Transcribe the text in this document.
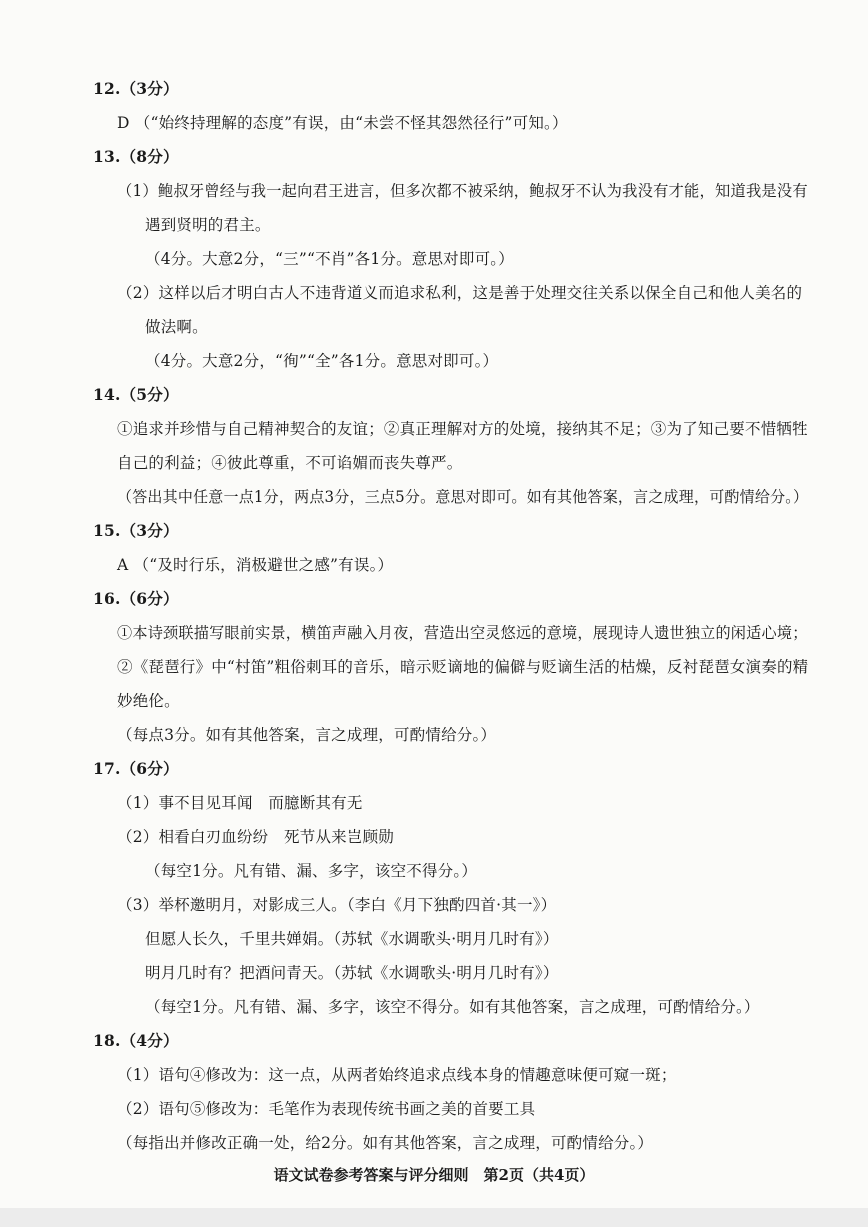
12.（3分）
D （“始终持理解的态度”有误，由“未尝不怪其怨然径行”可知。）
13.（8分）
（1）鲍叔牙曾经与我一起向君王进言，但多次都不被采纳，鲍叔牙不认为我没有才能，知道我是没有
遇到贤明的君主。
（4分。大意2分，“三”“不肖”各1分。意思对即可。）
（2）这样以后才明白古人不违背道义而追求私利，这是善于处理交往关系以保全自己和他人美名的
做法啊。
（4分。大意2分，“徇”“全”各1分。意思对即可。）
14.（5分）
①追求并珍惜与自己精神契合的友谊；②真正理解对方的处境，接纳其不足；③为了知己要不惜牺牲
自己的利益；④彼此尊重，不可谄媚而丧失尊严。
（答出其中任意一点1分，两点3分，三点5分。意思对即可。如有其他答案，言之成理，可酌情给分。）
15.（3分）
A （“及时行乐，消极避世之感”有误。）
16.（6分）
①本诗颈联描写眼前实景，横笛声融入月夜，营造出空灵悠远的意境，展现诗人遗世独立的闲适心境；
②《琵琶行》中“村笛”粗俗刺耳的音乐，暗示贬谪地的偏僻与贬谪生活的枯燥，反衬琵琶女演奏的精
妙绝伦。
（每点3分。如有其他答案，言之成理，可酌情给分。）
17.（6分）
（1）事不目见耳闻　而臆断其有无
（2）相看白刃血纷纷　死节从来岂顾勋
（每空1分。凡有错、漏、多字，该空不得分。）
（3）举杯邀明月，对影成三人。（李白《月下独酌四首·其一》）
但愿人长久，千里共婵娟。（苏轼《水调歌头·明月几时有》）
明月几时有？把酒问青天。（苏轼《水调歌头·明月几时有》）
（每空1分。凡有错、漏、多字，该空不得分。如有其他答案，言之成理，可酌情给分。）
18.（4分）
（1）语句④修改为：这一点，从两者始终追求点线本身的情趣意味便可窥一斑；
（2）语句⑤修改为：毛笔作为表现传统书画之美的首要工具
（每指出并修改正确一处，给2分。如有其他答案，言之成理，可酌情给分。）
语文试卷参考答案与评分细则　第2页（共4页）
